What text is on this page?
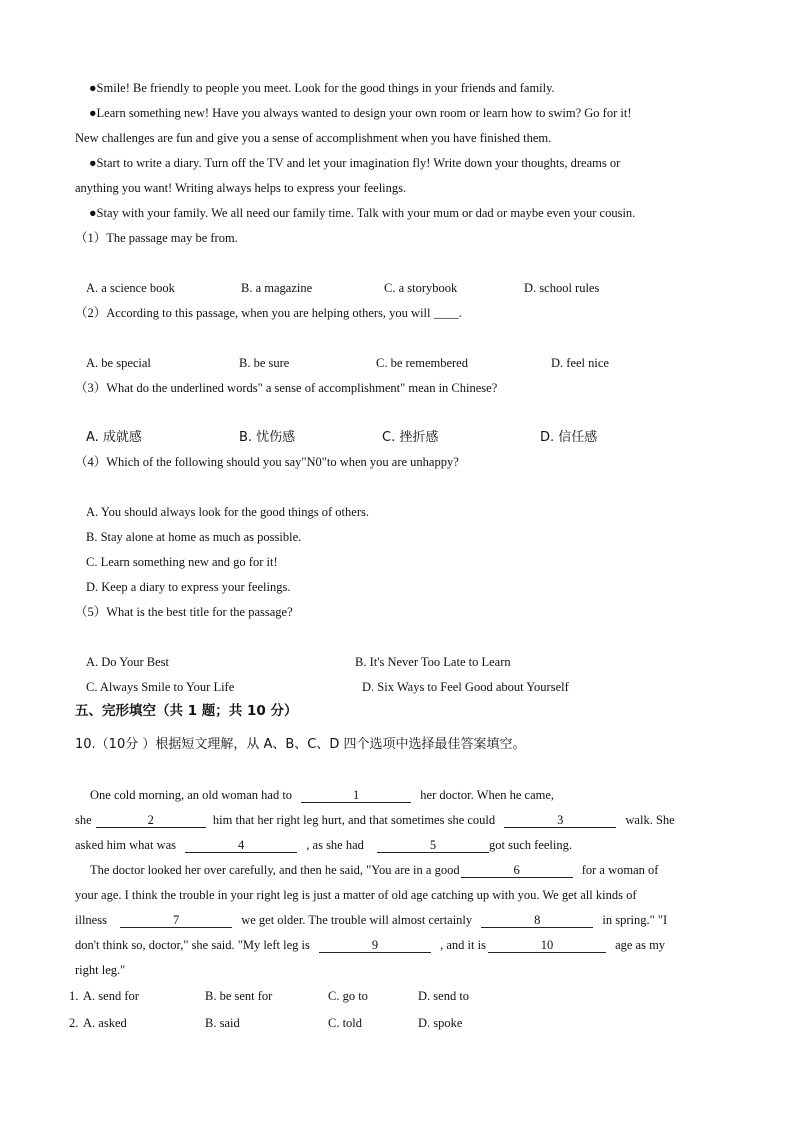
●Smile! Be friendly to people you meet. Look for the good things in your friends and family.
●Learn something new! Have you always wanted to design your own room or learn how to swim? Go for it!
New challenges are fun and give you a sense of accomplishment when you have finished them.
●Start to write a diary. Turn off the TV and let your imagination fly! Write down your thoughts, dreams or
anything you want! Writing always helps to express your feelings.
●Stay with your family. We all need our family time. Talk with your mum or dad or maybe even your cousin.
（1）The passage may be from.
A. a science book	B. a magazine	C. a storybook	D. school rules
（2）According to this passage, when you are helping others, you will ____.
A. be special	B. be sure	C. be remembered	D. feel nice
（3）What do the underlined words" a sense of accomplishment" mean in Chinese?
A. 成就感	B. 忧伤感	C. 挫折感	D. 信任感
（4）Which of the following should you say"N0"to when you are unhappy?
A. You should always look for the good things of others.
B. Stay alone at home as much as possible.
C. Learn something new and go for it!
D. Keep a diary to express your feelings.
（5）What is the best title for the passage?
A. Do Your Best	B. It's Never Too Late to Learn
C. Always Smile to Your Life	D. Six Ways to Feel Good about Yourself
五、完形填空（共 1 题；共 10 分）
10.（10分 ）根据短文理解，从 A、B、C、D 四个选项中选择最佳答案填空。
One cold morning, an old woman had to	1	her doctor. When he came,
she	2	him that her right leg hurt, and that sometimes she could	3	walk. She
asked him what was	4	, as she had	5	got such feeling.
The doctor looked her over carefully, and then he said, "You are in a good	6	for a woman of
your age. I think the trouble in your right leg is just a matter of old age catching up with you. We get all kinds of
illness	7	we get older. The trouble will almost certainly	8	in spring." "I
don't think so, doctor," she said. "My left leg is	9	, and it is	10	age as my
right leg."
1. A. send for	B. be sent for	C. go to	D. send to
2. A. asked	B. said	C. told	D. spoke
